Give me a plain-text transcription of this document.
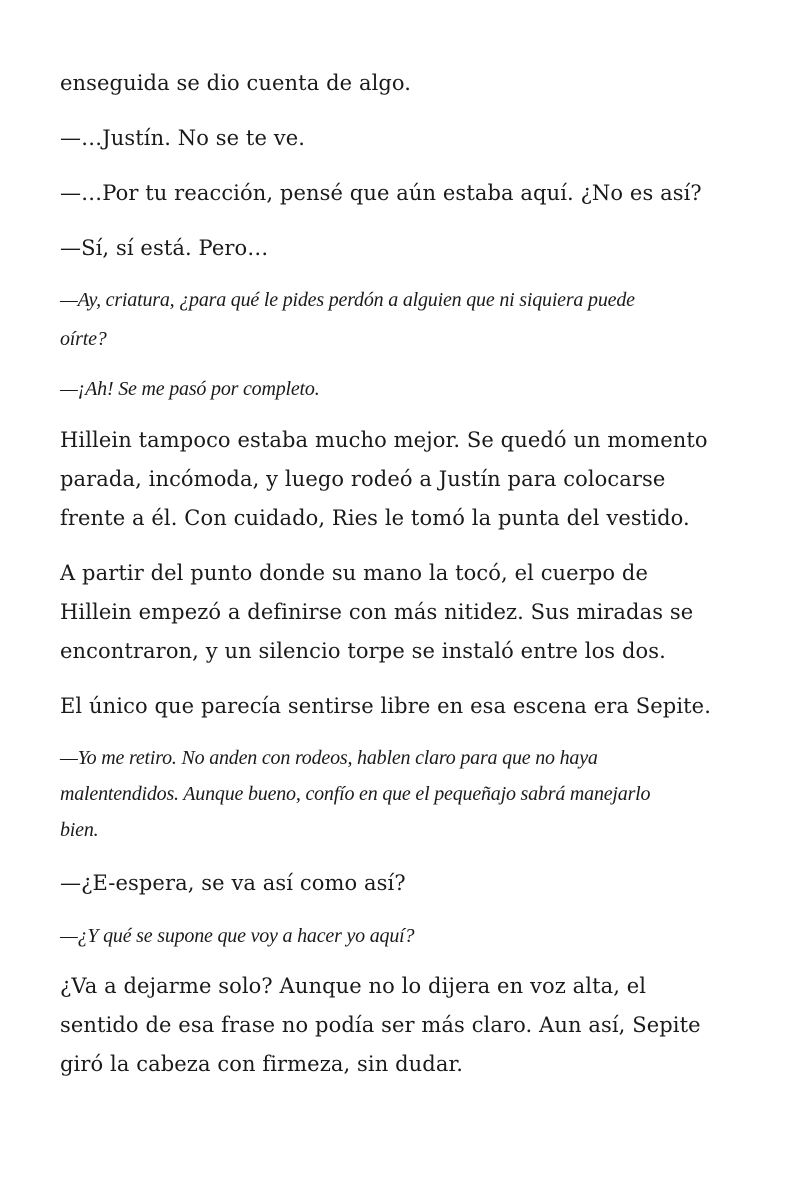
enseguida se dio cuenta de algo.

—…Justín. No se te ve.

—…Por tu reacción, pensé que aún estaba aquí. ¿No es así?

—Sí, sí está. Pero…

—Ay, criatura, ¿para qué le pides perdón a alguien que ni siquiera puede
oírte?

—¡Ah! Se me pasó por completo.

Hillein tampoco estaba mucho mejor. Se quedó un momento
parada, incómoda, y luego rodeó a Justín para colocarse
frente a él. Con cuidado, Ries le tomó la punta del vestido.

A partir del punto donde su mano la tocó, el cuerpo de
Hillein empezó a definirse con más nitidez. Sus miradas se
encontraron, y un silencio torpe se instaló entre los dos.

El único que parecía sentirse libre en esa escena era Sepite.

—Yo me retiro. No anden con rodeos, hablen claro para que no haya
malentendidos. Aunque bueno, confío en que el pequeñajo sabrá manejarlo
bien.

—¿E-espera, se va así como así?

—¿Y qué se supone que voy a hacer yo aquí?

¿Va a dejarme solo? Aunque no lo dijera en voz alta, el
sentido de esa frase no podía ser más claro. Aun así, Sepite
giró la cabeza con firmeza, sin dudar.
